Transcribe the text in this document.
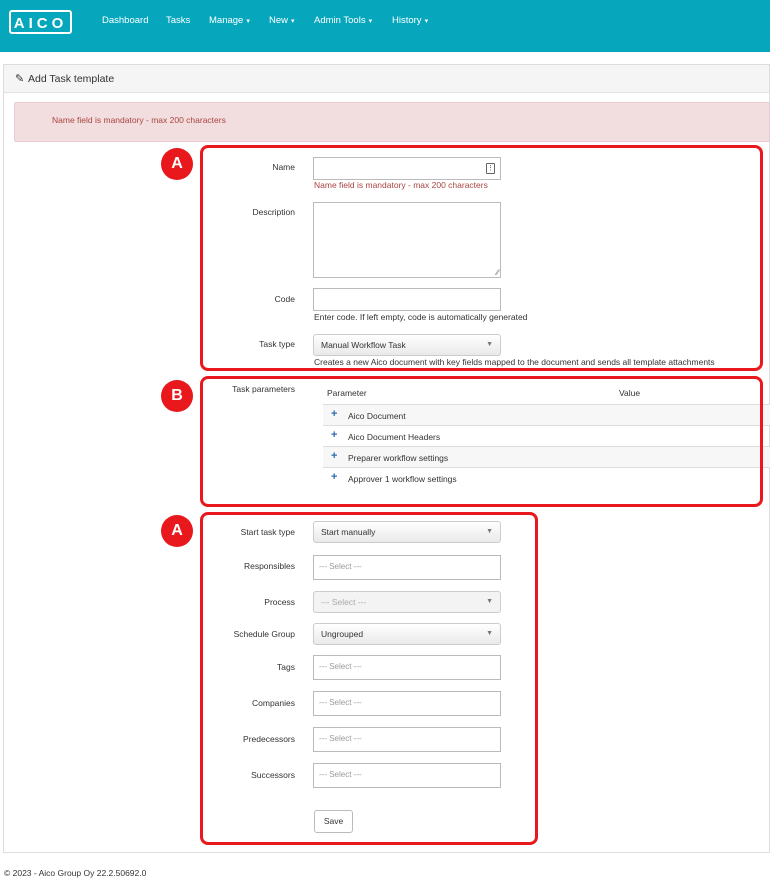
AICO	Dashboard Tasks Manage ▾ New ▾ Admin Tools ▾ History ▾
✎ Add Task template
Name field is mandatory - max 200 characters
Name	⋮
Name field is mandatory - max 200 characters
Description
∕∕
Code
Enter code. If left empty, code is automatically generated
Task type	Manual Workflow Task	▼
Creates a new Aico document with key fields mapped to the document and sends all template attachments
Task parameters	Parameter	Value
+ Aico Document
+ Aico Document Headers
+ Preparer workflow settings
+ Approver 1 workflow settings
Start task type	Start manually	▼
Responsibles	--- Select ---
Process	--- Select ---	▼
Schedule Group	Ungrouped	▼
Tags	--- Select ---
Companies	--- Select ---
Predecessors	--- Select ---
Successors	--- Select ---
Save
A
B
A
© 2023 - Aico Group Oy 22.2.50692.0
